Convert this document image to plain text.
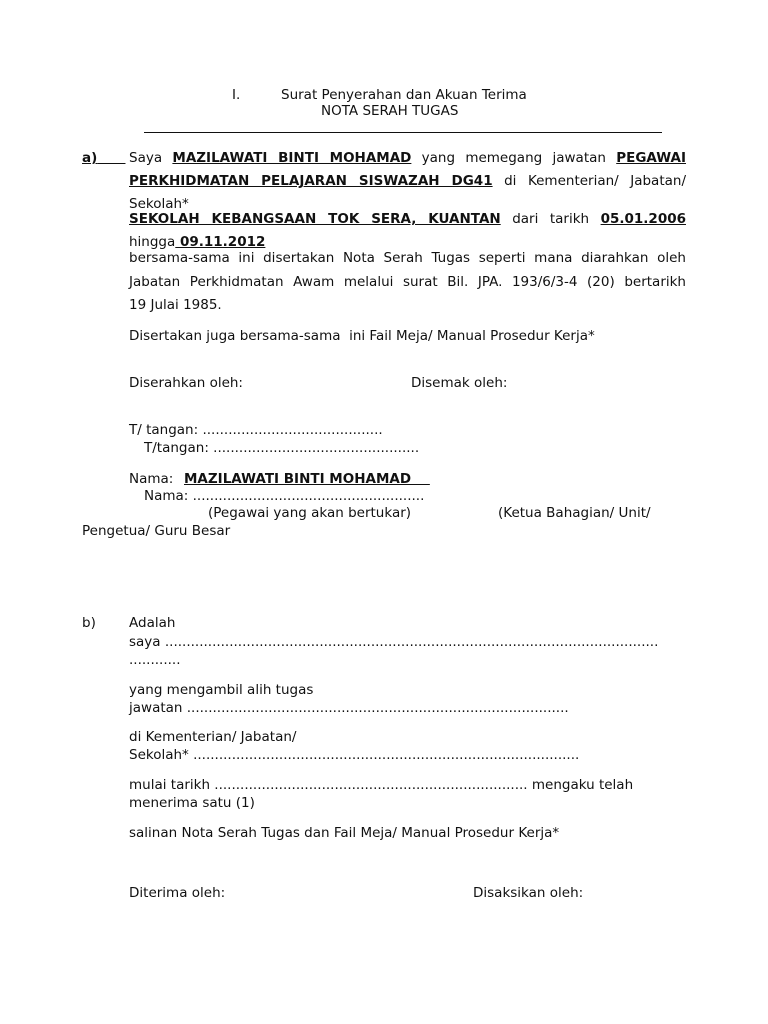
I.	Surat Penyerahan dan Akuan Terima
NOTA SERAH TUGAS
a)	Saya MAZILAWATI BINTI MOHAMAD yang memegang jawatan PEGAWAI
PERKHIDMATAN PELAJARAN SISWAZAH DG41 di Kementerian/ Jabatan/
Sekolah*
SEKOLAH KEBANGSAAN TOK SERA, KUANTAN dari tarikh 05.01.2006
hingga 09.11.2012
bersama-sama ini disertakan Nota Serah Tugas seperti mana diarahkan oleh
Jabatan Perkhidmatan Awam melalui surat Bil. JPA. 193/6/3-4 (20) bertarikh
19 Julai 1985.
Disertakan juga bersama-sama  ini Fail Meja/ Manual Prosedur Kerja*
Diserahkan oleh:	Disemak oleh:
T/ tangan: ..........................................
T/tangan: ................................................
Nama: MAZILAWATI BINTI MOHAMAD
Nama: ......................................................
(Pegawai yang akan bertukar)	(Ketua Bahagian/ Unit/
Pengetua/ Guru Besar
b) Adalah
saya ...................................................................................................................
............
yang mengambil alih tugas
jawatan .........................................................................................
di Kementerian/ Jabatan/
Sekolah* ..........................................................................................
mulai tarikh ......................................................................... mengaku telah
menerima satu (1)
salinan Nota Serah Tugas dan Fail Meja/ Manual Prosedur Kerja*
Diterima oleh:	Disaksikan oleh:
